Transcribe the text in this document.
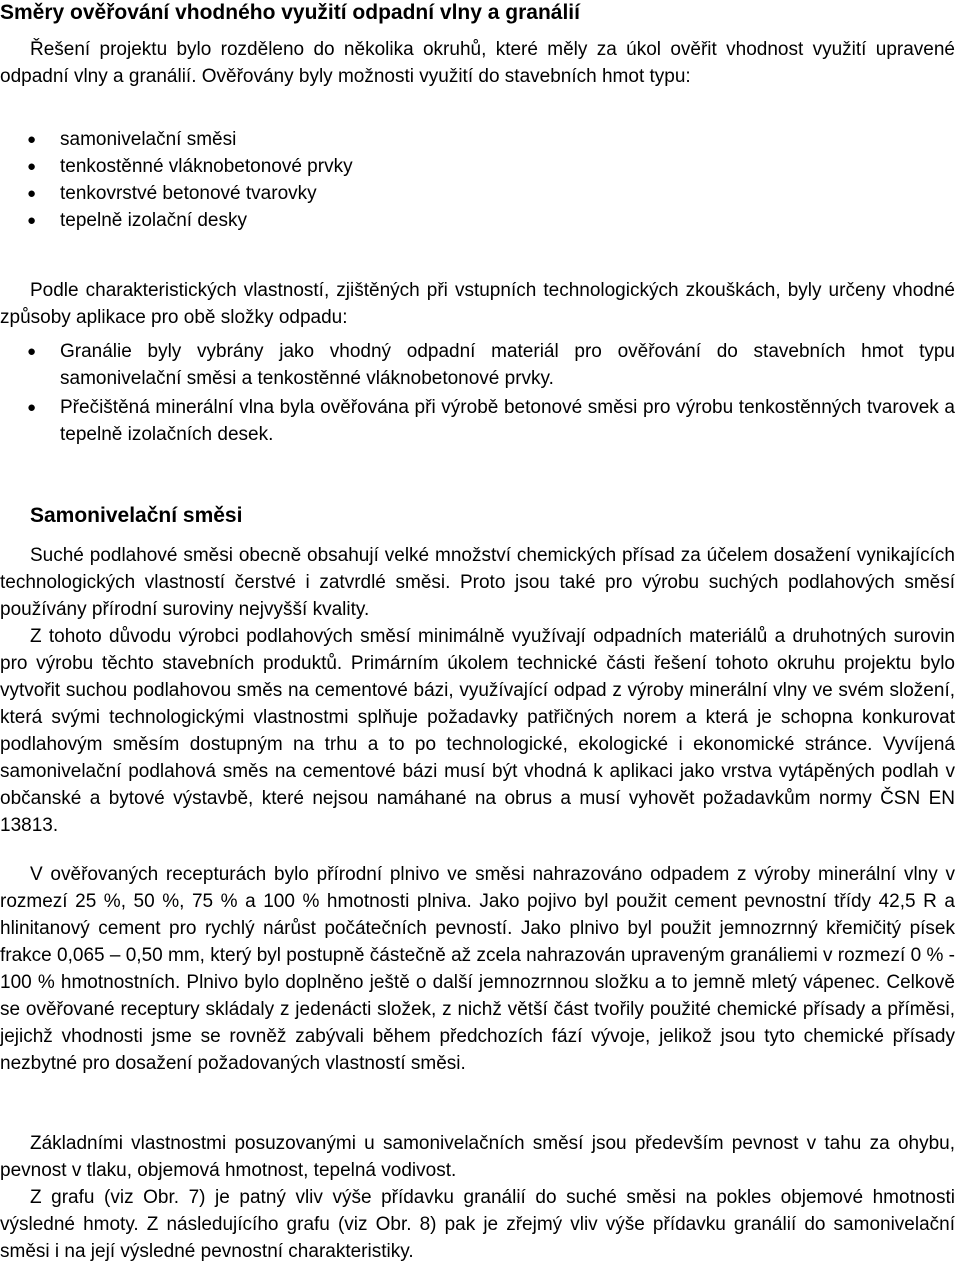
Směry ověřování vhodného využití odpadní vlny a granálií

Řešení projektu bylo rozděleno do několika okruhů, které měly za úkol ověřit vhodnost využití upravené odpadní vlny a granálií. Ověřovány byly možnosti využití do stavebních hmot typu:

● samonivelační směsi
● tenkostěnné vláknobetonové prvky
● tenkovrstvé betonové tvarovky
● tepelně izolační desky

Podle charakteristických vlastností, zjištěných při vstupních technologických zkouškách, byly určeny vhodné způsoby aplikace pro obě složky odpadu:

● Granálie byly vybrány jako vhodný odpadní materiál pro ověřování do stavebních hmot typu samonivelační směsi a tenkostěnné vláknobetonové prvky.
● Přečištěná minerální vlna byla ověřována při výrobě betonové směsi pro výrobu tenkostěnných tvarovek a tepelně izolačních desek.
Samonivelační směsi

Suché podlahové směsi obecně obsahují velké množství chemických přísad za účelem dosažení vynikajících technologických vlastností čerstvé i zatvrdlé směsi. Proto jsou také pro výrobu suchých podlahových směsí používány přírodní suroviny nejvyšší kvality.

Z tohoto důvodu výrobci podlahových směsí minimálně využívají odpadních materiálů a druhotných surovin pro výrobu těchto stavebních produktů. Primárním úkolem technické části řešení tohoto okruhu projektu bylo vytvořit suchou podlahovou směs na cementové bázi, využívající odpad z výroby minerální vlny ve svém složení, která svými technologickými vlastnostmi splňuje požadavky patřičných norem a která je schopna konkurovat podlahovým směsím dostupným na trhu a to po technologické, ekologické i ekonomické stránce. Vyvíjená samonivelační podlahová směs na cementové bázi musí být vhodná k aplikaci jako vrstva vytápěných podlah v občanské a bytové výstavbě, které nejsou namáhané na obrus a musí vyhovět požadavkům normy ČSN EN 13813.

V ověřovaných recepturách bylo přírodní plnivo ve směsi nahrazováno odpadem z výroby minerální vlny v rozmezí 25 %, 50 %, 75 % a 100 % hmotnosti plniva. Jako pojivo byl použit cement pevnostní třídy 42,5 R a hlinitanový cement pro rychlý nárůst počátečních pevností. Jako plnivo byl použit jemnozrnný křemičitý písek frakce 0,065 – 0,50 mm, který byl postupně částečně až zcela nahrazován upraveným granáliemi v rozmezí 0 % - 100 % hmotnostních. Plnivo bylo doplněno ještě o další jemnozrnnou složku a to jemně mletý vápenec. Celkově se ověřované receptury skládaly z jedenácti složek, z nichž větší část tvořily použité chemické přísady a příměsi, jejichž vhodnosti jsme se rovněž zabývali během předchozích fází vývoje, jelikož jsou tyto chemické přísady nezbytné pro dosažení požadovaných vlastností směsi.

Základními vlastnostmi posuzovanými u samonivelačních směsí jsou především pevnost v tahu za ohybu, pevnost v tlaku, objemová hmotnost, tepelná vodivost.

Z grafu (viz Obr. 7) je patný vliv výše přídavku granálií do suché směsi na pokles objemové hmotnosti výsledné hmoty. Z následujícího grafu (viz Obr. 8) pak je zřejmý vliv výše přídavku granálií do samonivelační směsi i na její výsledné pevnostní charakteristiky.
